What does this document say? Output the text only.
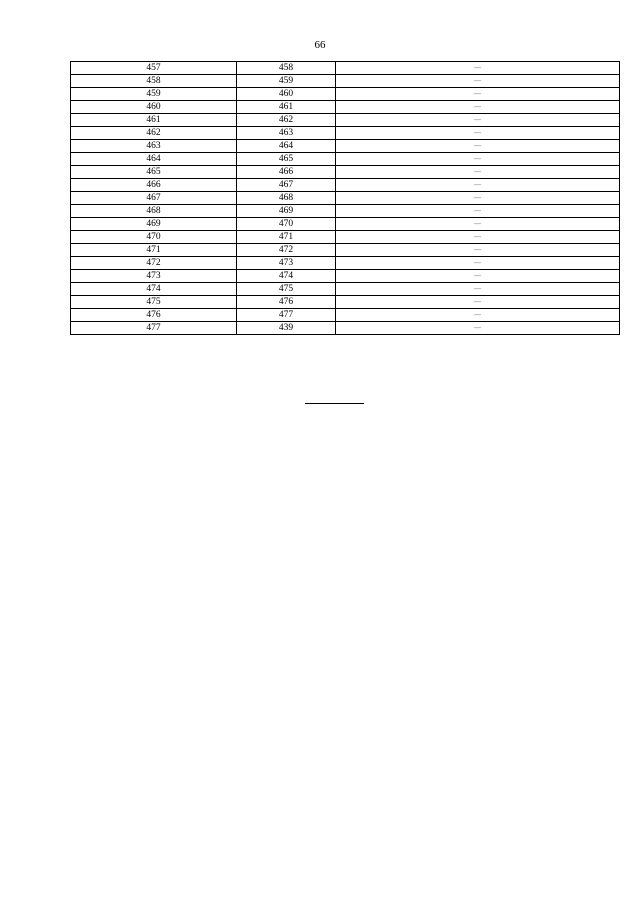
66
457	458	—
458	459	—
459	460	—
460	461	—
461	462	—
462	463	—
463	464	—
464	465	—
465	466	—
466	467	—
467	468	—
468	469	—
469	470	—
470	471	—
471	472	—
472	473	—
473	474	—
474	475	—
475	476	—
476	477	—
477	439	—
